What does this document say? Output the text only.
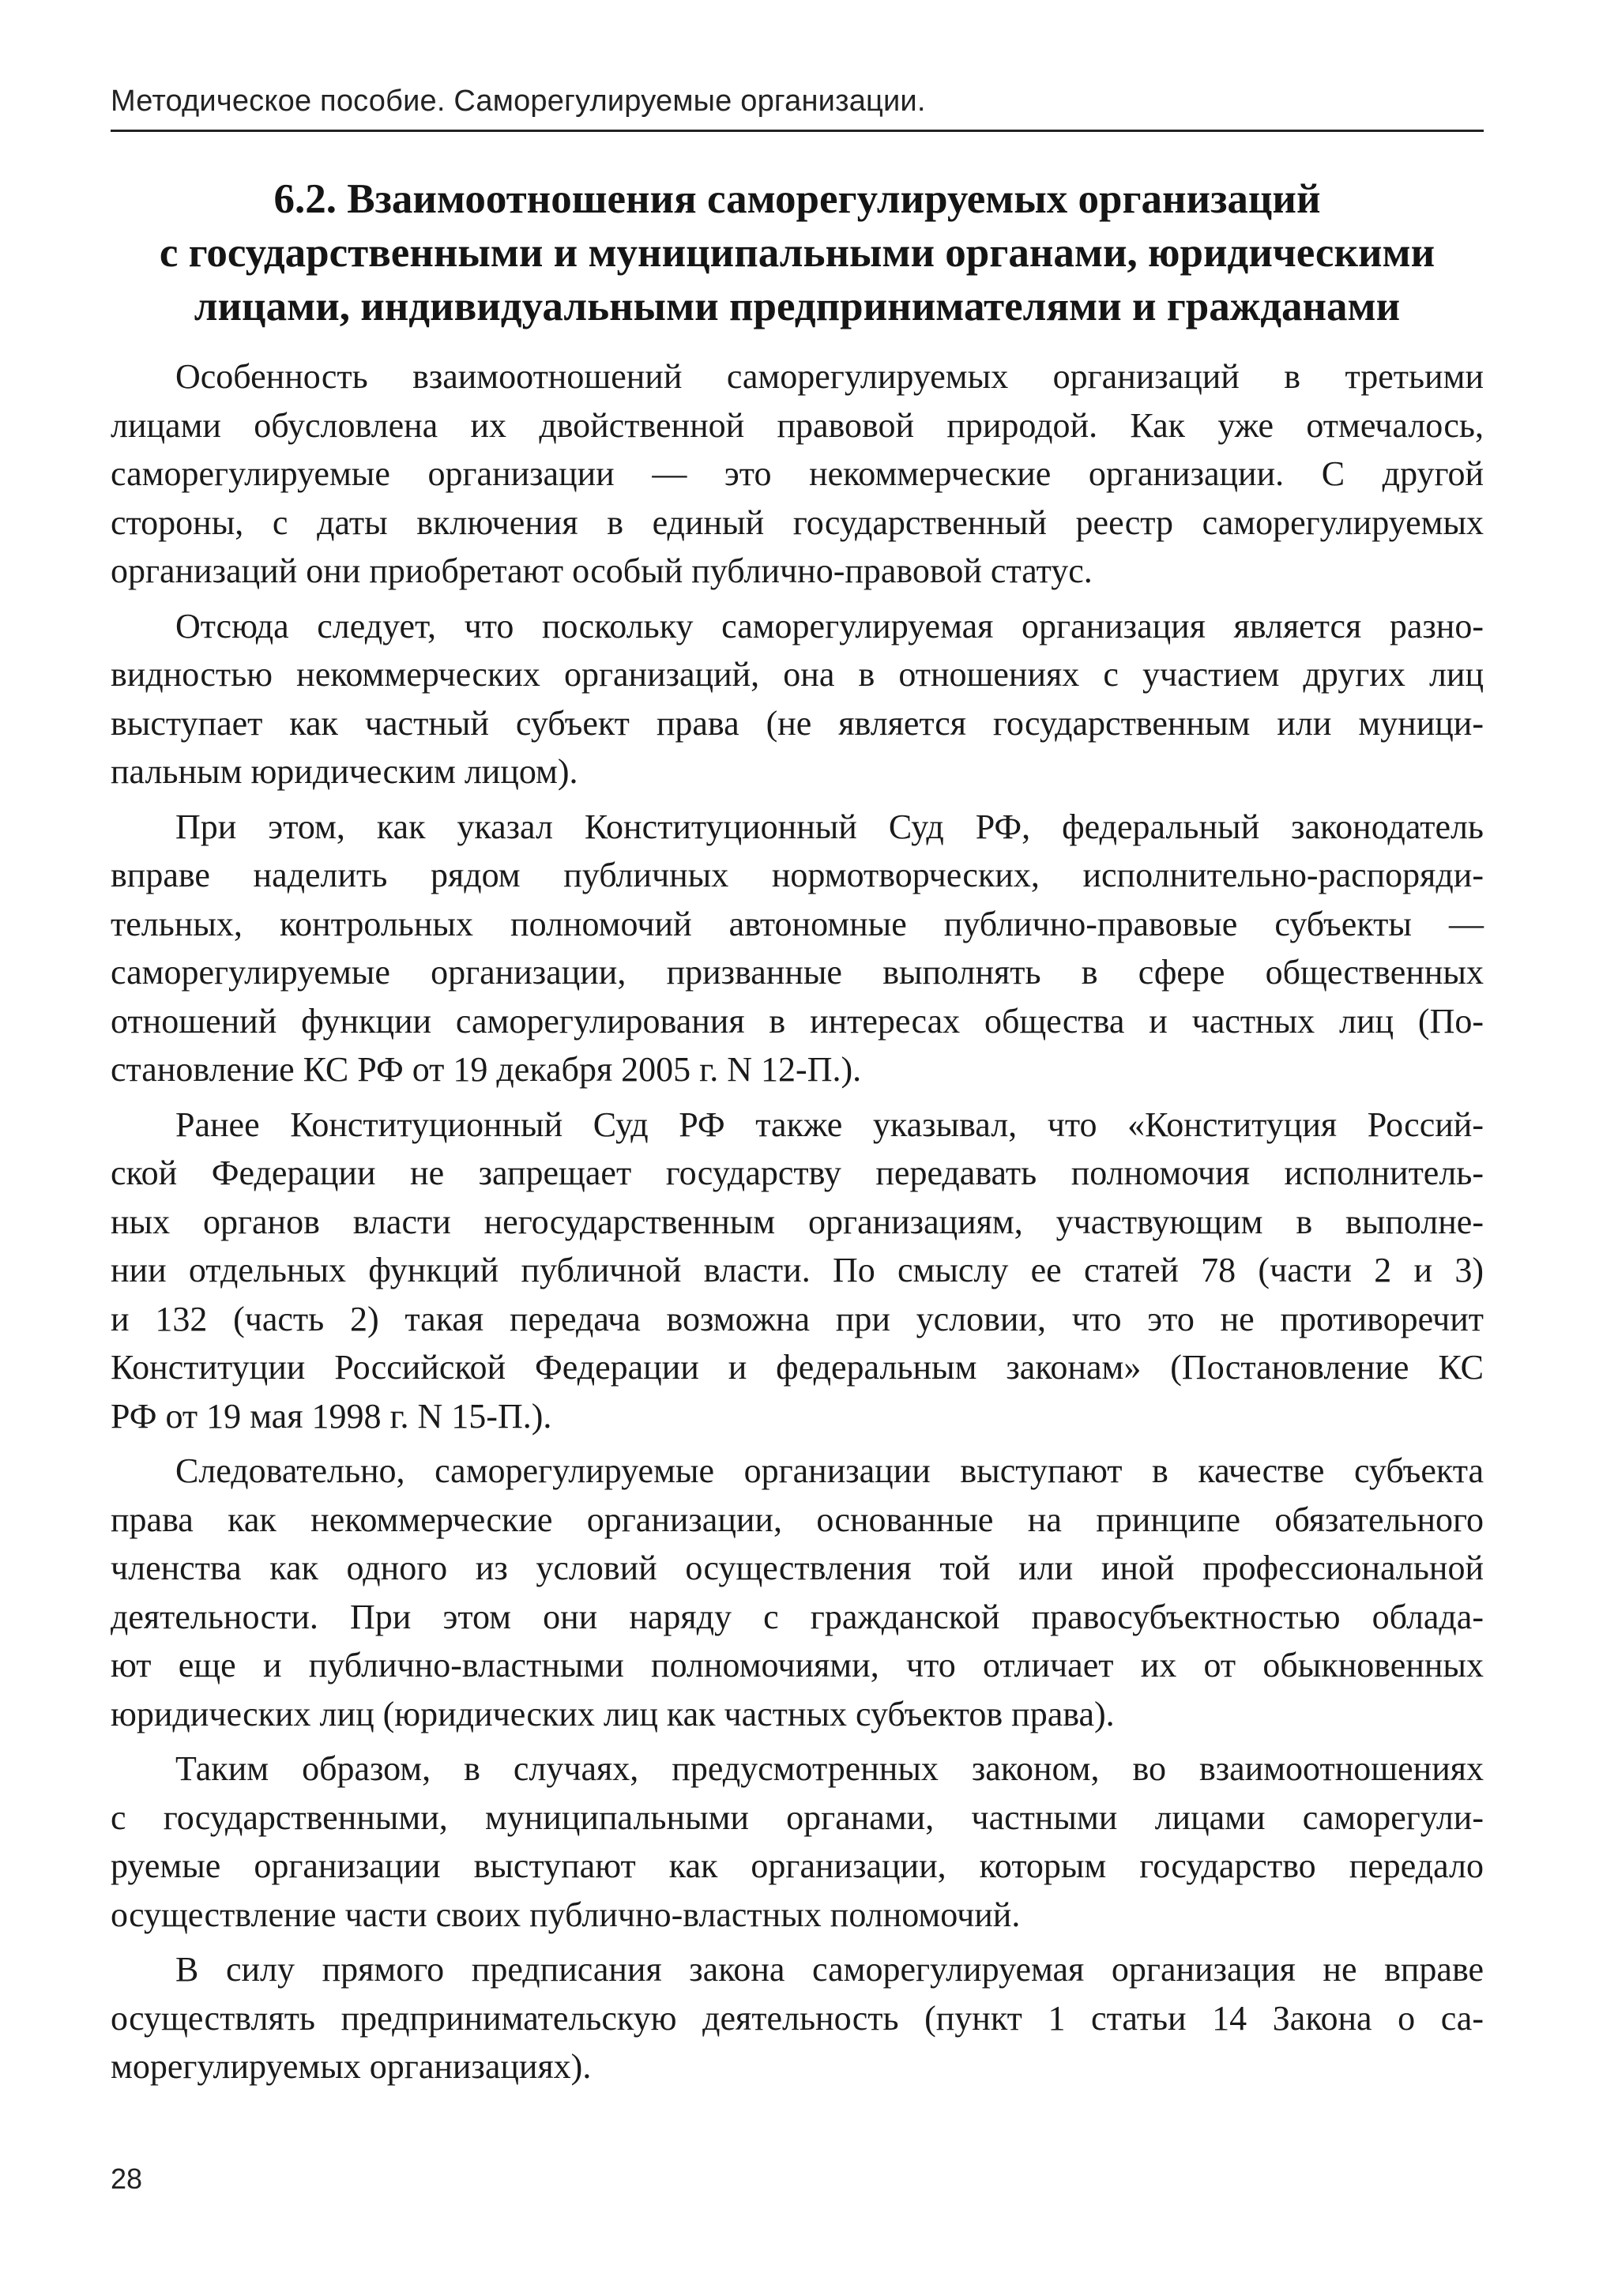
Методическое пособие. Саморегулируемые организации.
6.2. Взаимоотношения саморегулируемых организаций
с государственными и муниципальными органами, юридическими
лицами, индивидуальными предпринимателями и гражданами
Особенность взаимоотношений саморегулируемых организаций в третьими
лицами обусловлена их двойственной правовой природой. Как уже отмечалось,
саморегулируемые организации — это некоммерческие организации. С другой
стороны, с даты включения в единый государственный реестр саморегулируемых
организаций они приобретают особый публично-правовой статус.
Отсюда следует, что поскольку саморегулируемая организация является разно-
видностью некоммерческих организаций, она в отношениях с участием других лиц
выступает как частный субъект права (не является государственным или муници-
пальным юридическим лицом).
При этом, как указал Конституционный Суд РФ, федеральный законодатель
вправе наделить рядом публичных нормотворческих, исполнительно-распоряди-
тельных, контрольных полномочий автономные публично-правовые субъекты —
саморегулируемые организации, призванные выполнять в сфере общественных
отношений функции саморегулирования в интересах общества и частных лиц (По-
становление КС РФ от 19 декабря 2005 г. N 12-П.).
Ранее Конституционный Суд РФ также указывал, что «Конституция Россий-
ской Федерации не запрещает государству передавать полномочия исполнитель-
ных органов власти негосударственным организациям, участвующим в выполне-
нии отдельных функций публичной власти. По смыслу ее статей 78 (части 2 и 3)
и 132 (часть 2) такая передача возможна при условии, что это не противоречит
Конституции Российской Федерации и федеральным законам» (Постановление КС
РФ от 19 мая 1998 г. N 15-П.).
Следовательно, саморегулируемые организации выступают в качестве субъекта
права как некоммерческие организации, основанные на принципе обязательного
членства как одного из условий осуществления той или иной профессиональной
деятельности. При этом они наряду с гражданской правосубъектностью облада-
ют еще и публично-властными полномочиями, что отличает их от обыкновенных
юридических лиц (юридических лиц как частных субъектов права).
Таким образом, в случаях, предусмотренных законом, во взаимоотношениях
с государственными, муниципальными органами, частными лицами саморегули-
руемые организации выступают как организации, которым государство передало
осуществление части своих публично-властных полномочий.
В силу прямого предписания закона саморегулируемая организация не вправе
осуществлять предпринимательскую деятельность (пункт 1 статьи 14 Закона о са-
морегулируемых организациях).
28
